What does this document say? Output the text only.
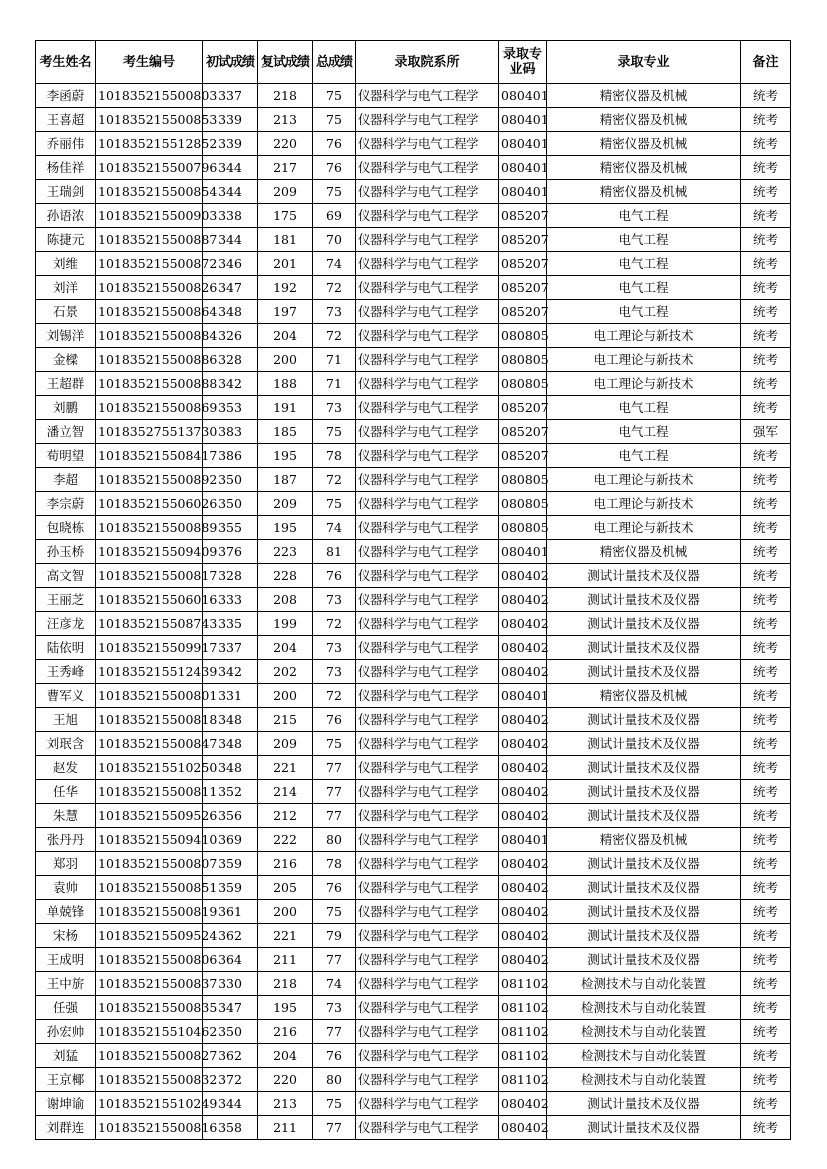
考生姓名	考生编号	初试成绩	复试成绩	总成绩	录取院系所	录取专业码	录取专业	备注
李函蔚	101835215500803	337	218	75	仪器科学与电气工程学	080401	精密仪器及机械	统考
王喜超	101835215500853	339	213	75	仪器科学与电气工程学	080401	精密仪器及机械	统考
乔丽伟	101835215512852	339	220	76	仪器科学与电气工程学	080401	精密仪器及机械	统考
杨佳祥	101835215500796	344	217	76	仪器科学与电气工程学	080401	精密仪器及机械	统考
王瑞剑	101835215500854	344	209	75	仪器科学与电气工程学	080401	精密仪器及机械	统考
孙语浓	101835215500903	338	175	69	仪器科学与电气工程学	085207	电气工程	统考
陈捷元	101835215500887	344	181	70	仪器科学与电气工程学	085207	电气工程	统考
刘维	101835215500872	346	201	74	仪器科学与电气工程学	085207	电气工程	统考
刘洋	101835215500826	347	192	72	仪器科学与电气工程学	085207	电气工程	统考
石景	101835215500864	348	197	73	仪器科学与电气工程学	085207	电气工程	统考
刘锡洋	101835215500884	326	204	72	仪器科学与电气工程学	080805	电工理论与新技术	统考
金樑	101835215500886	328	200	71	仪器科学与电气工程学	080805	电工理论与新技术	统考
王超群	101835215500888	342	188	71	仪器科学与电气工程学	080805	电工理论与新技术	统考
刘鹏	101835215500869	353	191	73	仪器科学与电气工程学	085207	电气工程	统考
潘立智	101835275513730	383	185	75	仪器科学与电气工程学	085207	电气工程	强军
荀明望	101835215508417	386	195	78	仪器科学与电气工程学	085207	电气工程	统考
李超	101835215500892	350	187	72	仪器科学与电气工程学	080805	电工理论与新技术	统考
李宗蔚	101835215506026	350	209	75	仪器科学与电气工程学	080805	电工理论与新技术	统考
包晓栋	101835215500889	355	195	74	仪器科学与电气工程学	080805	电工理论与新技术	统考
孙玉桥	101835215509409	376	223	81	仪器科学与电气工程学	080401	精密仪器及机械	统考
高文智	101835215500817	328	228	76	仪器科学与电气工程学	080402	测试计量技术及仪器	统考
王丽芝	101835215506016	333	208	73	仪器科学与电气工程学	080402	测试计量技术及仪器	统考
汪彦龙	101835215508743	335	199	72	仪器科学与电气工程学	080402	测试计量技术及仪器	统考
陆依明	101835215509917	337	204	73	仪器科学与电气工程学	080402	测试计量技术及仪器	统考
王秀峰	101835215512439	342	202	73	仪器科学与电气工程学	080402	测试计量技术及仪器	统考
曹军义	101835215500801	331	200	72	仪器科学与电气工程学	080401	精密仪器及机械	统考
王旭	101835215500818	348	215	76	仪器科学与电气工程学	080402	测试计量技术及仪器	统考
刘珉含	101835215500847	348	209	75	仪器科学与电气工程学	080402	测试计量技术及仪器	统考
赵发	101835215510250	348	221	77	仪器科学与电气工程学	080402	测试计量技术及仪器	统考
任华	101835215500811	352	214	77	仪器科学与电气工程学	080402	测试计量技术及仪器	统考
朱慧	101835215509526	356	212	77	仪器科学与电气工程学	080402	测试计量技术及仪器	统考
张丹丹	101835215509410	369	222	80	仪器科学与电气工程学	080401	精密仪器及机械	统考
郑羽	101835215500807	359	216	78	仪器科学与电气工程学	080402	测试计量技术及仪器	统考
袁帅	101835215500851	359	205	76	仪器科学与电气工程学	080402	测试计量技术及仪器	统考
单兢锋	101835215500819	361	200	75	仪器科学与电气工程学	080402	测试计量技术及仪器	统考
宋杨	101835215509524	362	221	79	仪器科学与电气工程学	080402	测试计量技术及仪器	统考
王成明	101835215500806	364	211	77	仪器科学与电气工程学	080402	测试计量技术及仪器	统考
王中旂	101835215500837	330	218	74	仪器科学与电气工程学	081102	检测技术与自动化装置	统考
任强	101835215500835	347	195	73	仪器科学与电气工程学	081102	检测技术与自动化装置	统考
孙宏帅	101835215510462	350	216	77	仪器科学与电气工程学	081102	检测技术与自动化装置	统考
刘猛	101835215500827	362	204	76	仪器科学与电气工程学	081102	检测技术与自动化装置	统考
王京椰	101835215500832	372	220	80	仪器科学与电气工程学	081102	检测技术与自动化装置	统考
谢坤谕	101835215510249	344	213	75	仪器科学与电气工程学	080402	测试计量技术及仪器	统考
刘群连	101835215500816	358	211	77	仪器科学与电气工程学	080402	测试计量技术及仪器	统考
